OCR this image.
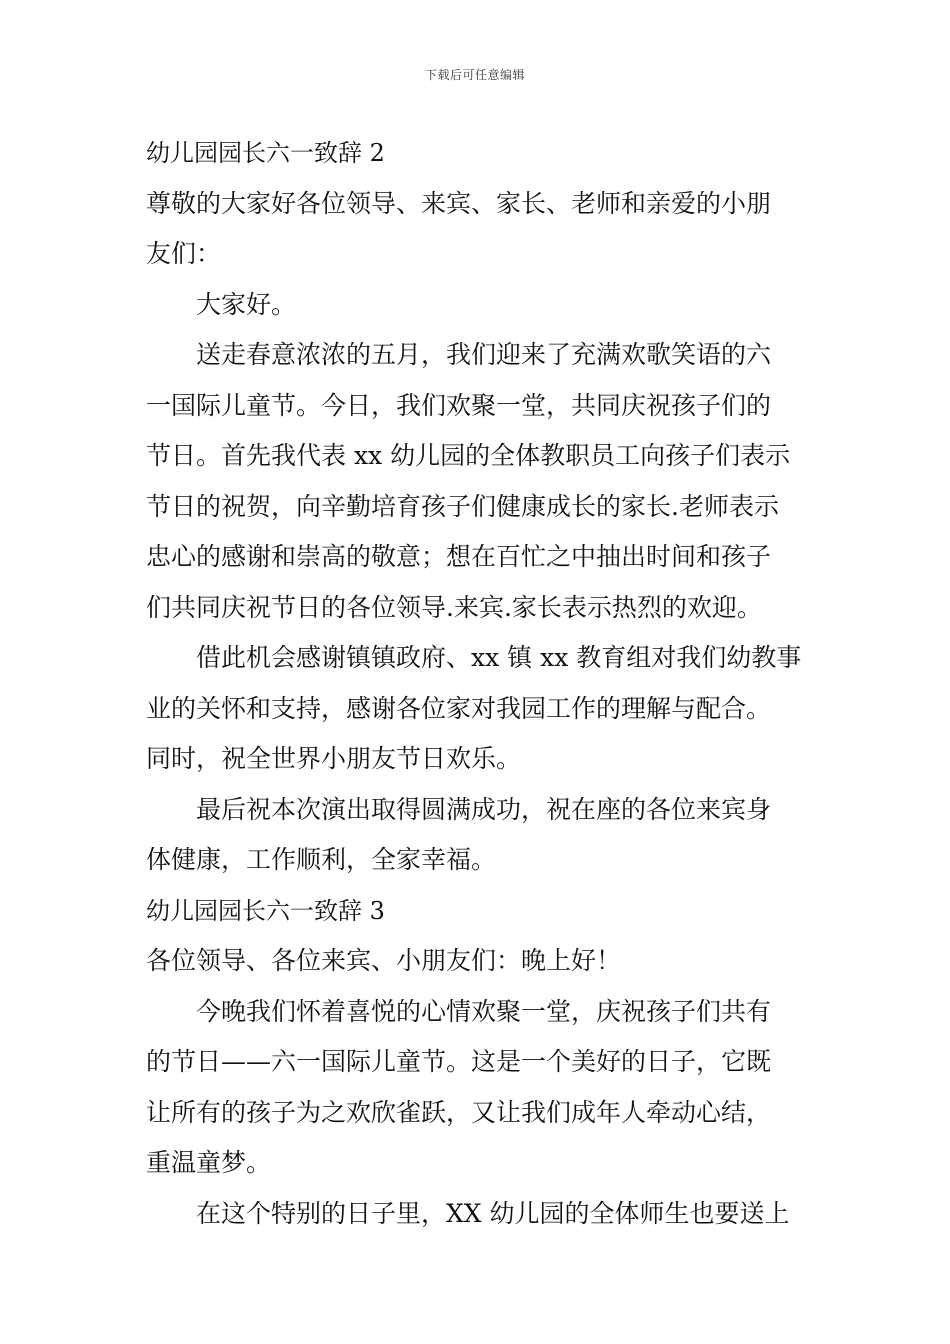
下载后可任意编辑

幼儿园园长六一致辞 2

尊敬的大家好各位领导、来宾、家长、老师和亲爱的小朋

友们：

　　大家好。

　　送走春意浓浓的五月，我们迎来了充满欢歌笑语的六

一国际儿童节。今日，我们欢聚一堂，共同庆祝孩子们的

节日。首先我代表 xx 幼儿园的全体教职员工向孩子们表示

节日的祝贺，向辛勤培育孩子们健康成长的家长.老师表示

忠心的感谢和崇高的敬意；想在百忙之中抽出时间和孩子

们共同庆祝节日的各位领导.来宾.家长表示热烈的欢迎。

　　借此机会感谢镇镇政府、xx 镇 xx 教育组对我们幼教事

业的关怀和支持，感谢各位家对我园工作的理解与配合。

同时，祝全世界小朋友节日欢乐。

　　最后祝本次演出取得圆满成功，祝在座的各位来宾身

体健康，工作顺利，全家幸福。

幼儿园园长六一致辞 3

各位领导、各位来宾、小朋友们：晚上好！

　　今晚我们怀着喜悦的心情欢聚一堂，庆祝孩子们共有

的节日——六一国际儿童节。这是一个美好的日子，它既

让所有的孩子为之欢欣雀跃，又让我们成年人牵动心结，

重温童梦。

　　在这个特别的日子里，XX 幼儿园的全体师生也要送上
